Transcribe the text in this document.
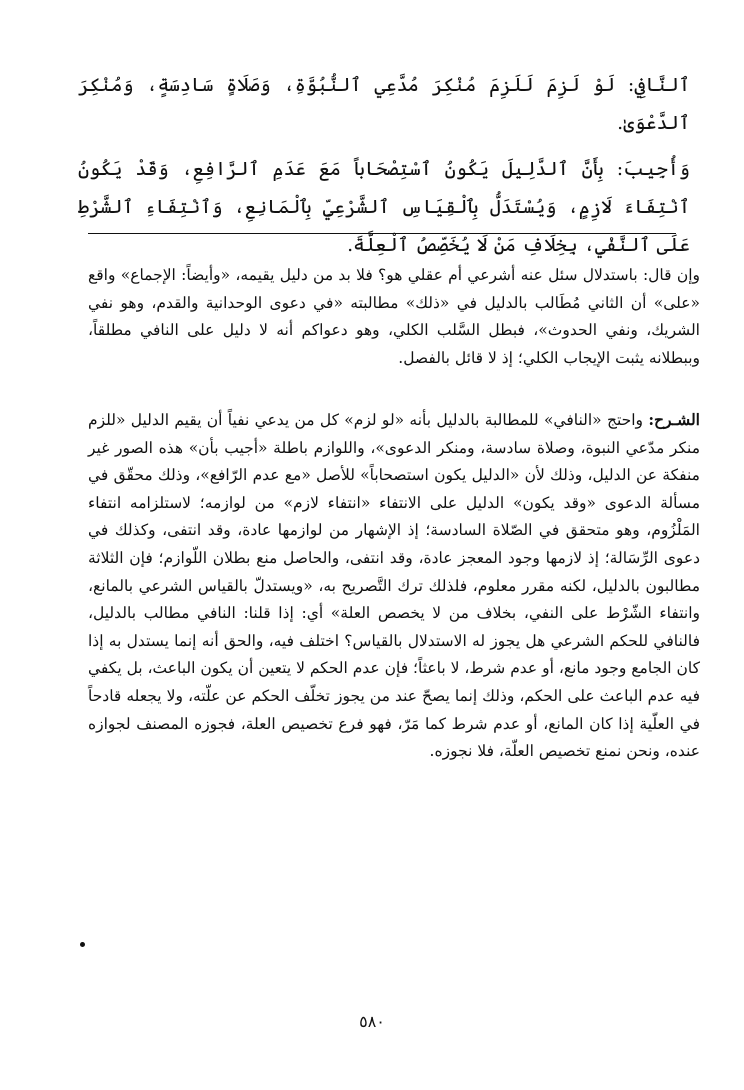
ٱلنَّافِي: لَوْ لَزِمَ لَلَزِمَ مُنْكِرَ مُدَّعِي ٱلنُّبُوَّةِ، وَصَلَاةٍ سَادِسَةٍ، وَمُنْكِرَ ٱلدَّعْوَىٰ.

وَأُجِيبَ: بِأَنَّ ٱلدَّلِيلَ يَكُونُ ٱسْتِصْحَاباً مَعَ عَدَمِ ٱلرَّافِعِ، وَقَدْ يَكُونُ ٱنْتِفَاءَ لَازِمٍ، وَيُسْتَدَلُّ بِٱلْقِيَاسِ ٱلشَّرْعِيِّ بِٱلْمَانِعِ، وَٱنْتِفَاءِ ٱلشَّرْطِ عَلَى ٱلنَّفْيِ، بِخِلَافِ مَنْ لَا يُخَصِّصُ ٱلْعِلَّةَ.

وإن قال: باستدلال سئل عنه أشرعي أم عقلي هو؟ فلا بد من دليل يقيمه، «وأيضاً: الإجماع» واقع «على» أن الثاني مُطَالب بالدليل في «ذلك» مطالبته «في دعوى الوحدانية والقدم، وهو نفي الشريك، ونفي الحدوث»، فبطل السَّلب الكلي، وهو دعواكم أنه لا دليل على النافي مطلقاً، وببطلانه يثبت الإيجاب الكلي؛ إذ لا قائل بالفصل.

الشـرح: واحتج «النافي» للمطالبة بالدليل بأنه «لو لزم» كل من يدعي نفياً أن يقيم الدليل «للزم منكر مدّعي النبوة، وصلاة سادسة، ومنكر الدعوى»، واللوازم باطلة «أجيب بأن» هذه الصور غير منفكة عن الدليل، وذلك لأن «الدليل يكون استصحاباً» للأصل «مع عدم الرّافع»، وذلك محقّق في مسألة الدعوى «وقد يكون» الدليل على الانتفاء «انتفاء لازم» من لوازمه؛ لاستلزامه انتفاء المَلْزُوم، وهو متحقق في الصّلاة السادسة؛ إذ الإشهار من لوازمها عادة، وقد انتفى، وكذلك في دعوى الرِّسَالة؛ إذ لازمها وجود المعجز عادة، وقد انتفى، والحاصل منع بطلان اللّوازم؛ فإن الثلاثة مطالبون بالدليل، لكنه مقرر معلوم، فلذلك ترك التَّصريح به، «ويستدلّ بالقياس الشرعي بالمانع، وانتفاء الشّرْط على النفي، بخلاف من لا يخصص العلة» أي: إذا قلنا: النافي مطالب بالدليل، فالنافي للحكم الشرعي هل يجوز له الاستدلال بالقياس؟ اختلف فيه، والحق أنه إنما يستدل به إذا كان الجامع وجود مانع، أو عدم شرط، لا باعثاً؛ فإن عدم الحكم لا يتعين أن يكون الباعث، بل يكفي فيه عدم الباعث على الحكم، وذلك إنما يصحّ عند من يجوز تخلّف الحكم عن علّته، ولا يجعله قادحاً في العلّية إذا كان المانع، أو عدم شرط كما مَرّ، فهو فرع تخصيص العلة، فجوزه المصنف لجوازه عنده، ونحن نمنع تخصيص العلّة، فلا نجوزه.

٥٨٠
